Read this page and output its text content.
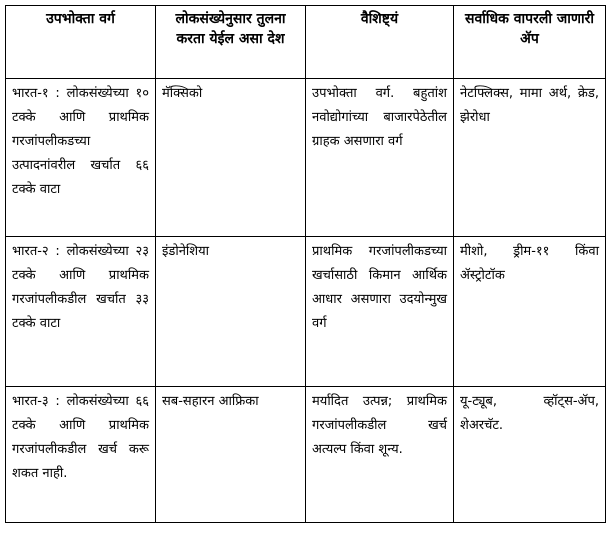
उपभोक्ता वर्ग	लोकसंख्येनुसार तुलना करता येईल असा देश	वैशिष्ट्यं	सर्वाधिक वापरली जाणारी ॲप
भारत-१ : लोकसंख्येच्या १० टक्के आणि प्राथमिक गरजांपलीकडच्या उत्पादनांवरील खर्चात ६६ टक्के वाटा	मॅक्सिको	उपभोक्ता वर्ग. बहुतांश नवोद्योगांच्या बाजारपेठेतील ग्राहक असणारा वर्ग	नेटफ्लिक्स, मामा अर्थ, क्रेड, झेरोधा
भारत-२ : लोकसंख्येच्या २३ टक्के आणि प्राथमिक गरजांपलीकडील खर्चात ३३ टक्के वाटा	इंडोनेशिया	प्राथमिक गरजांपलीकडच्या खर्चासाठी किमान आर्थिक आधार असणारा उदयोन्मुख वर्ग	मीशो, ड्रीम-११ किंवा ॲस्ट्रोटॉक
भारत-३ : लोकसंख्येच्या ६६ टक्के आणि प्राथमिक गरजांपलीकडील खर्च करू शकत नाही.	सब-सहारन आफ्रिका	मर्यादित उत्पन्न; प्राथमिक गरजांपलीकडील खर्च अत्यल्प किंवा शून्य.	यू-ट्यूब, व्हॉट्स-ॲप, शेअरचॅट.
